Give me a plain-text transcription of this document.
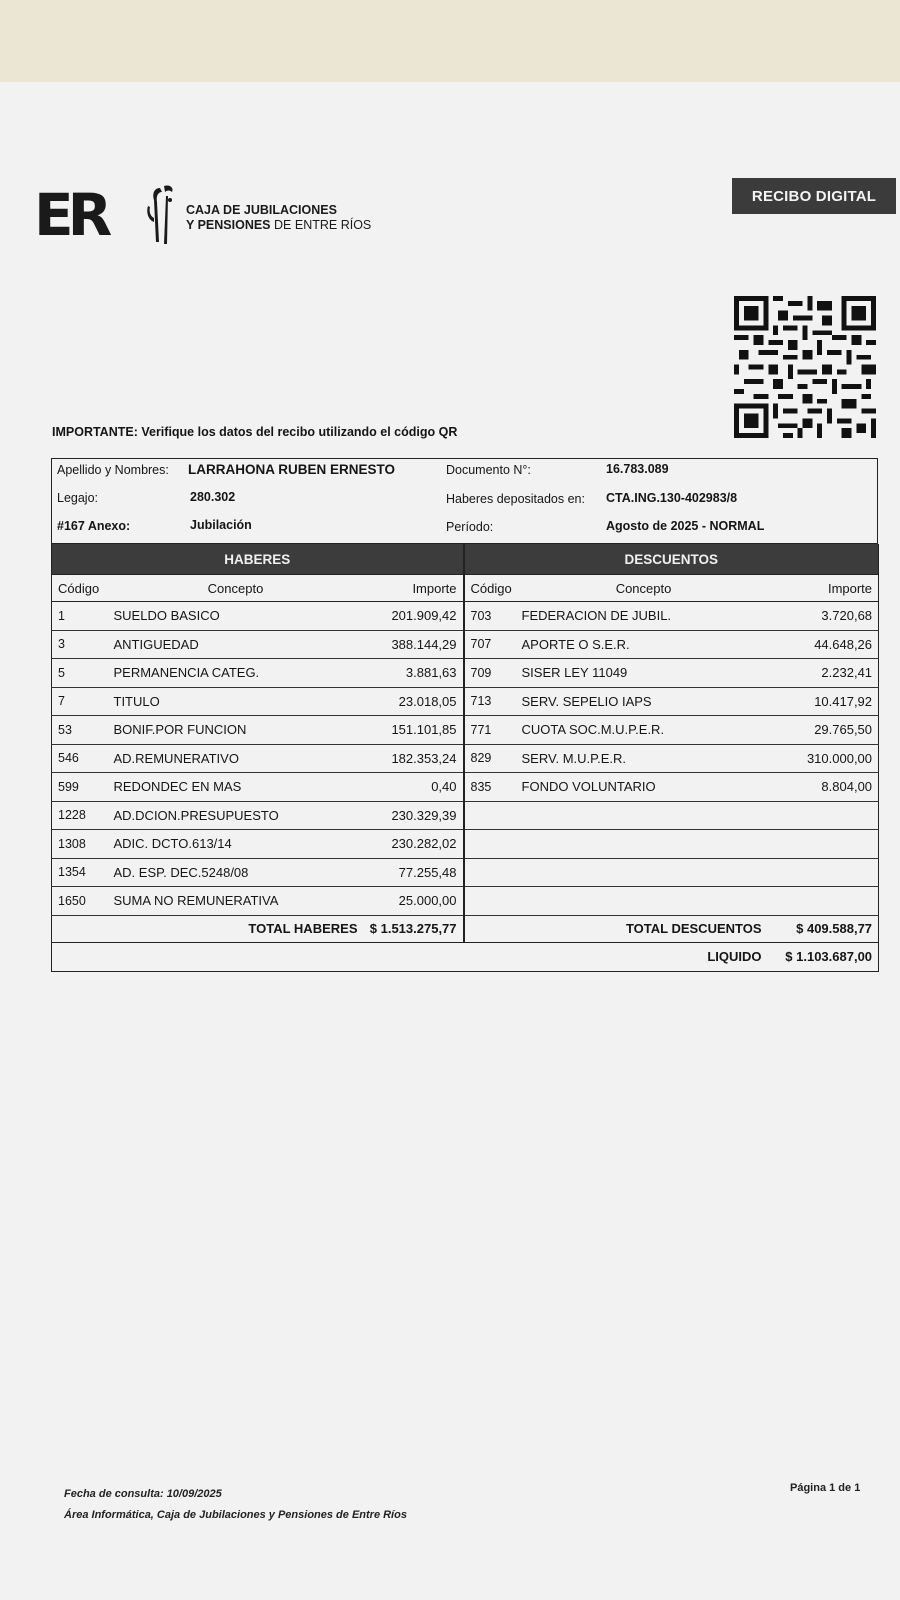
ER	CAJA DE JUBILACIONES
Y PENSIONES DE ENTRE RÍOS
RECIBO DIGITAL
IMPORTANTE: Verifique los datos del recibo utilizando el código QR
Apellido y Nombres: LARRAHONA RUBEN ERNESTO	Documento N°:	16.783.089
Legajo:	280.302	Haberes depositados en: CTA.ING.130-402983/8
#167 Anexo:	Jubilación	Período:	Agosto de 2025 - NORMAL
HABERES			DESCUENTOS		
Código	Concepto	Importe	Código	Concepto	Importe
1	SUELDO BASICO	201.909,42	703	FEDERACION DE JUBIL.	3.720,68
3	ANTIGUEDAD	388.144,29	707	APORTE O S.E.R.	44.648,26
5	PERMANENCIA CATEG.	3.881,63	709	SISER LEY 11049	2.232,41
7	TITULO	23.018,05	713	SERV. SEPELIO IAPS	10.417,92
53	BONIF.POR FUNCION	151.101,85	771	CUOTA SOC.M.U.P.E.R.	29.765,50
546	AD.REMUNERATIVO	182.353,24	829	SERV. M.U.P.E.R.	310.000,00
599	REDONDEC EN MAS	0,40	835	FONDO VOLUNTARIO	8.804,00
1228	AD.DCION.PRESUPUESTO	230.329,39			
1308	ADIC. DCTO.613/14	230.282,02			
1354	AD. ESP. DEC.5248/08	77.255,48			
1650	SUMA NO REMUNERATIVA	25.000,00			
	TOTAL HABERES	$ 1.513.275,77		TOTAL DESCUENTOS	$ 409.588,77
				LIQUIDO	$ 1.103.687,00
Fecha de consulta: 10/09/2025
Área Informática, Caja de Jubilaciones y Pensiones de Entre Ríos
Página 1 de 1
